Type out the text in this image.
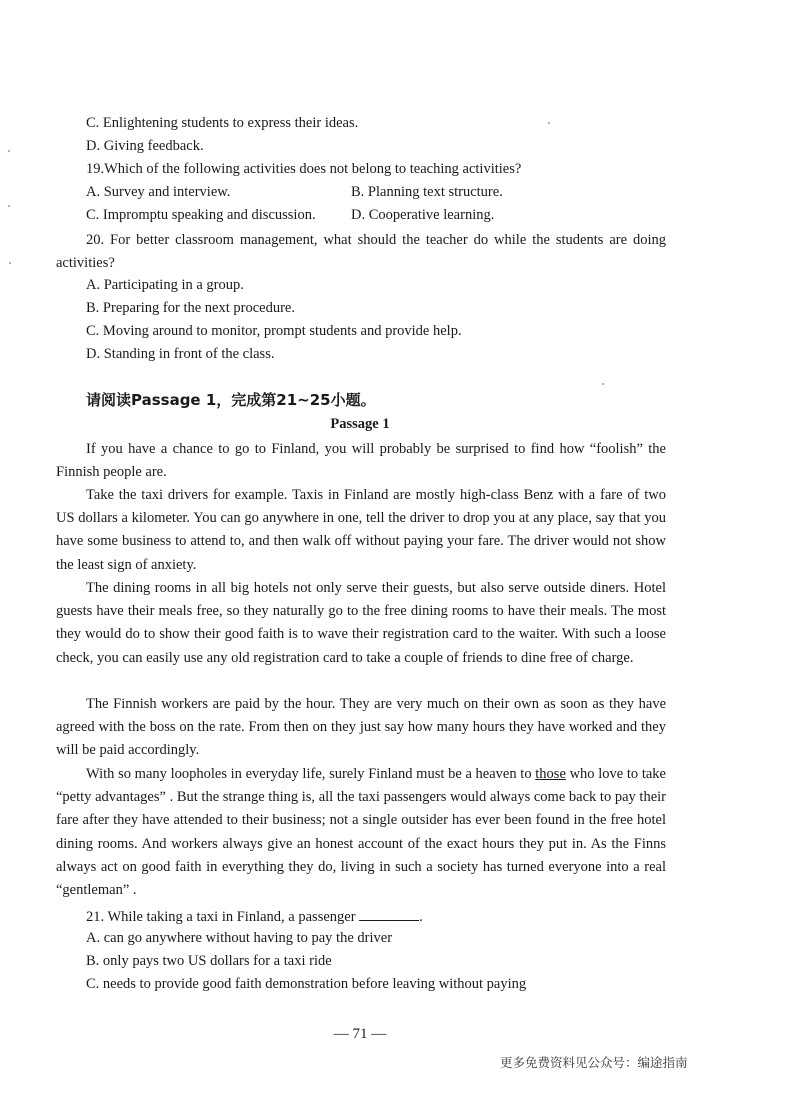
C. Enlightening students to express their ideas.
D. Giving feedback.
19.Which of the following activities does not belong to teaching activities?
A. Survey and interview.	B. Planning text structure.
C. Impromptu speaking and discussion. D. Cooperative learning.
20. For better classroom management, what should the teacher do while the students are doing activities?
A. Participating in a group.
B. Preparing for the next procedure.
C. Moving around to monitor, prompt students and provide help.
D. Standing in front of the class.
请阅读Passage 1，完成第21~25小题。
Passage 1
If you have a chance to go to Finland, you will probably be surprised to find how “foolish” the Finnish people are.
Take the taxi drivers for example. Taxis in Finland are mostly high-class Benz with a fare of two US dollars a kilometer. You can go anywhere in one, tell the driver to drop you at any place, say that you have some business to attend to, and then walk off without paying your fare. The driver would not show the least sign of anxiety.
The dining rooms in all big hotels not only serve their guests, but also serve outside diners. Hotel guests have their meals free, so they naturally go to the free dining rooms to have their meals. The most they would do to show their good faith is to wave their registration card to the waiter. With such a loose check, you can easily use any old registration card to take a couple of friends to dine free of charge.
The Finnish workers are paid by the hour. They are very much on their own as soon as they have agreed with the boss on the rate. From then on they just say how many hours they have worked and they will be paid accordingly.
With so many loopholes in everyday life, surely Finland must be a heaven to those who love to take “petty advantages” . But the strange thing is, all the taxi passengers would always come back to pay their fare after they have attended to their business; not a single outsider has ever been found in the free hotel dining rooms. And workers always give an honest account of the exact hours they put in. As the Finns always act on good faith in everything they do, living in such a society has turned everyone into a real “gentleman” .
21. While taking a taxi in Finland, a passenger	.
A. can go anywhere without having to pay the driver
B. only pays two US dollars for a taxi ride
C. needs to provide good faith demonstration before leaving without paying
— 71 —
更多免费资料见公众号：编途指南
